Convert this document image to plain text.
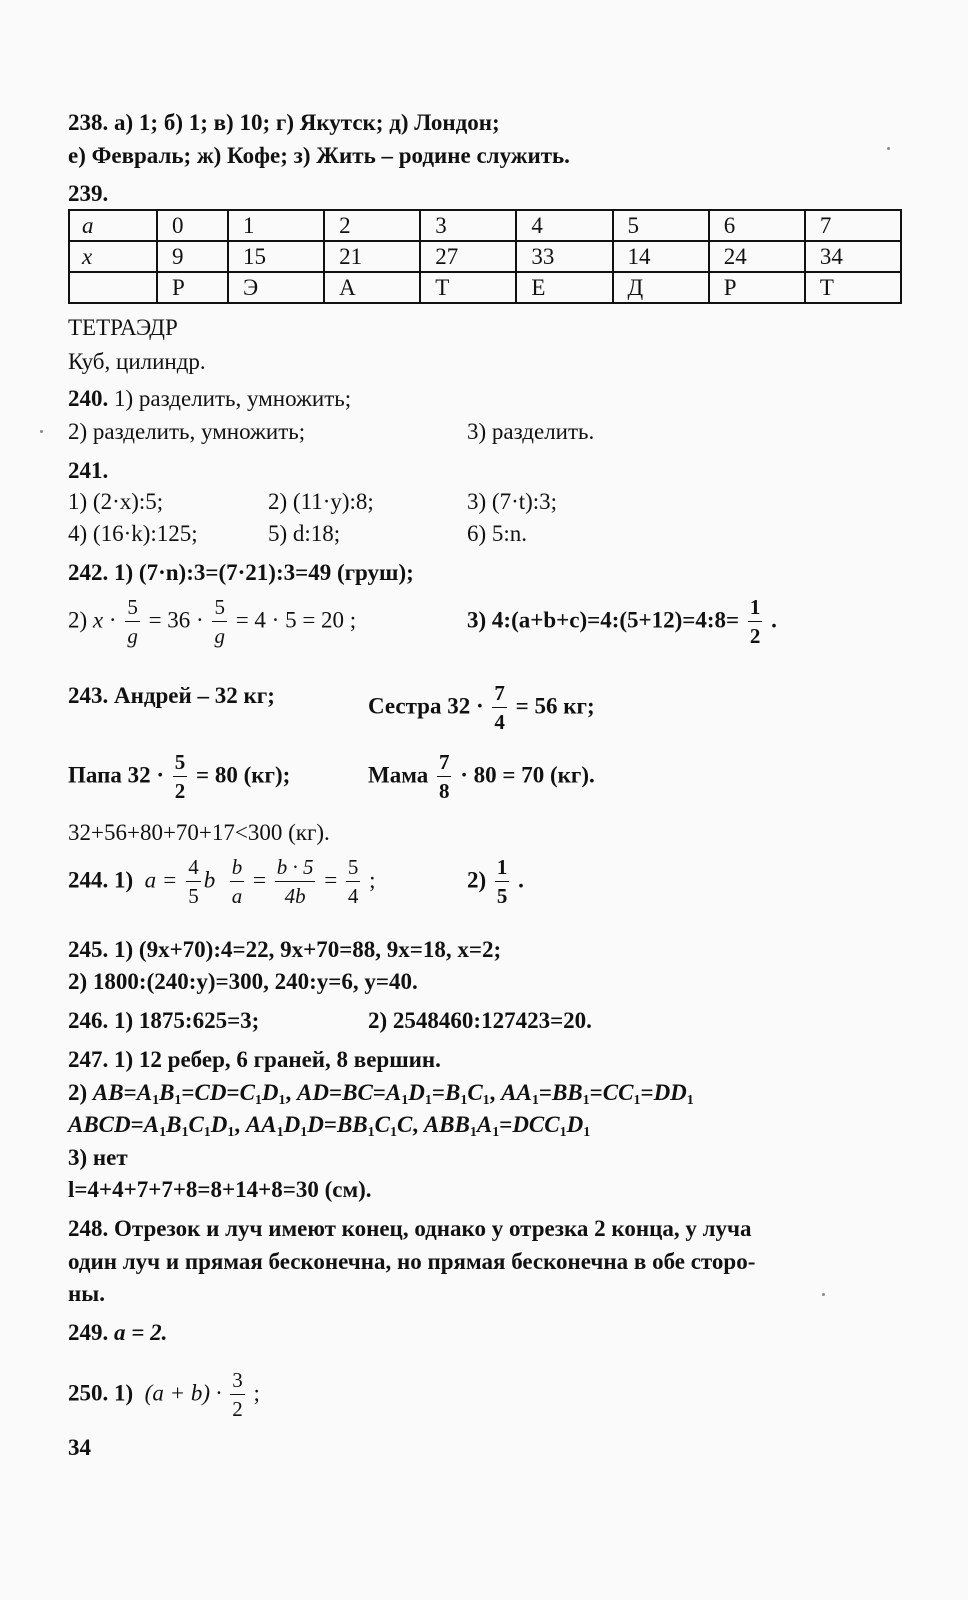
238. а) 1; б) 1; в) 10; г) Якутск; д) Лондон;
е) Февраль; ж) Кофе; з) Жить – родине служить.
239.
a	0	1	2	3	4	5	6	7
x	9	15	21	27	33	14	24	34
	Р	Э	А	Т	Е	Д	Р	Т
ТЕТРАЭДР
Куб, цилиндр.
240. 1) разделить, умножить;
2) разделить, умножить;	3) разделить.
241.
1) (2·x):5;	2) (11·y):8;	3) (7·t):3;
4) (16·k):125;	5) d:18;	6) 5:n.
242. 1) (7·n):3=(7·21):3=49 (груш);
2) $x \cdot \frac{5}{g} = 36 \cdot \frac{5}{g} = 4 \cdot 5 = 20$ ;	3) 4:(a+b+c)=4:(5+12)=4:8= $\frac{1}{2}$ .
243. Андрей – 32 кг;	Сестра $32 \cdot \frac{7}{4} = 56$ кг;
Папа $32 \cdot \frac{5}{2} = 80$ (кг);	Мама $\frac{7}{8} \cdot 80 = 70$ (кг).
32+56+80+70+17<300 (кг).
244. 1) $a = \frac{4}{5}$ b $\frac{b}{a} = \frac{b \cdot 5}{4b} = \frac{5}{4}$ ;	$2) \frac{1}{5}$ .
245. 1) (9x+70):4=22, 9x+70=88, 9x=18, x=2;
2) 1800:(240:y)=300, 240:y=6, y=40.
246. 1) 1875:625=3;	2) 2548460:127423=20.
247. 1) 12 ребер, 6 граней, 8 вершин.
2) $AB=A_1B_1=CD=C_1D_1$, $AD=BC=A_1D_1=B_1C_1$, $AA_1=BB_1=CC_1=DD_1$
$ABCD=A_1B_1C_1D_1$, $AA_1D_1D=BB_1C_1C$, $ABB_1A_1=DCC_1D_1$
3) нет
l=4+4+7+7+8=8+14+8=30 (см).
248. Отрезок и луч имеют конец, однако у отрезка 2 конца, у луча
один луч и прямая бесконечна, но прямая бесконечна в обе сторо-
ны.
249. a = 2.
250. 1) $(a + b) \cdot \frac{3}{2}$ ;
34
